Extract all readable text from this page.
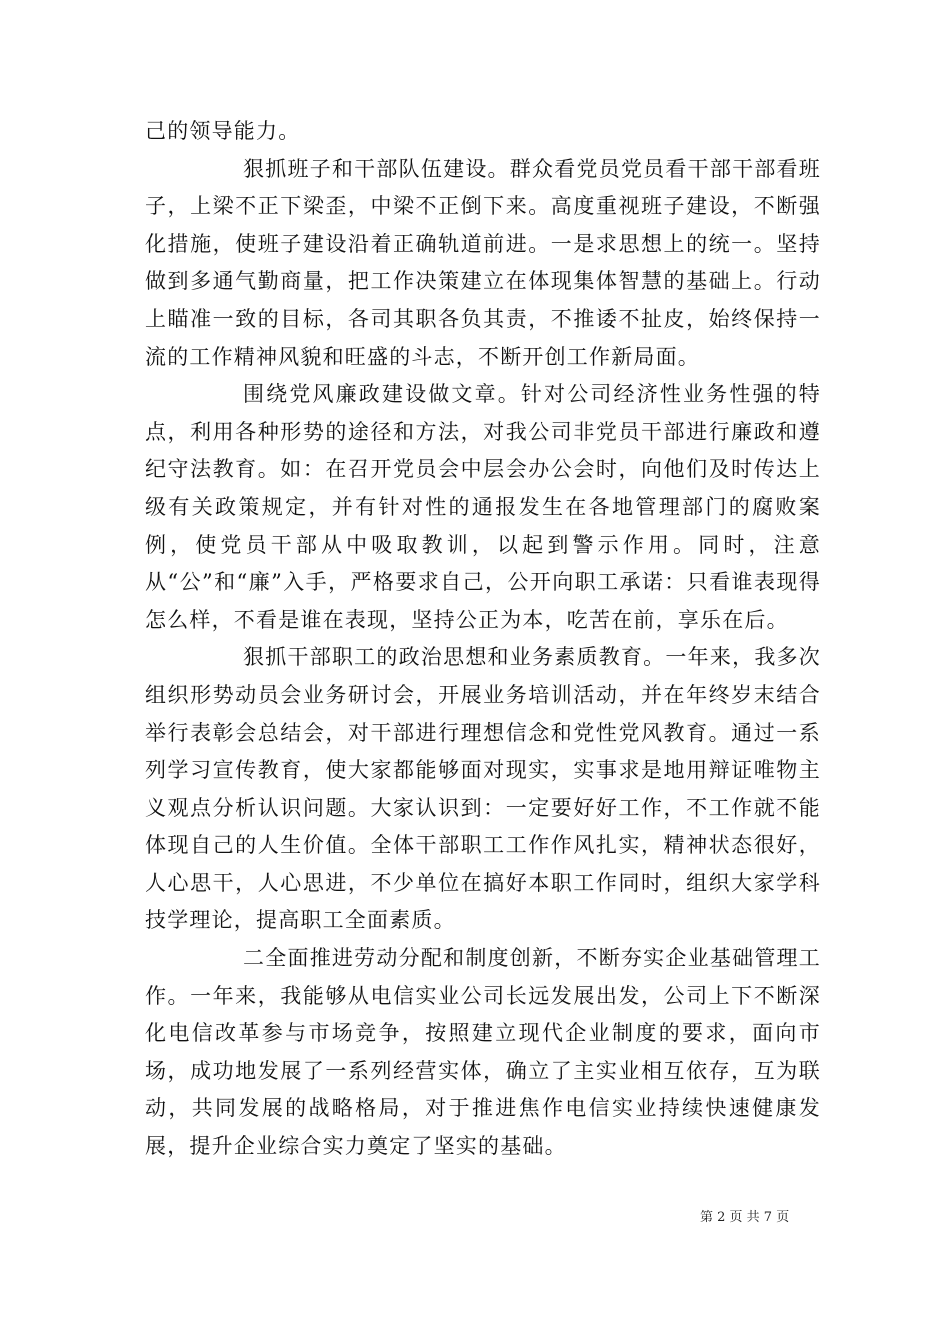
己的领导能力。

狠抓班子和干部队伍建设。群众看党员党员看干部干部看班子，上梁不正下梁歪，中梁不正倒下来。高度重视班子建设，不断强化措施，使班子建设沿着正确轨道前进。一是求思想上的统一。坚持做到多通气勤商量，把工作决策建立在体现集体智慧的基础上。行动上瞄准一致的目标，各司其职各负其责，不推诿不扯皮，始终保持一流的工作精神风貌和旺盛的斗志，不断开创工作新局面。

围绕党风廉政建设做文章。针对公司经济性业务性强的特点，利用各种形势的途径和方法，对我公司非党员干部进行廉政和遵纪守法教育。如：在召开党员会中层会办公会时，向他们及时传达上级有关政策规定，并有针对性的通报发生在各地管理部门的腐败案例，使党员干部从中吸取教训，以起到警示作用。同时，注意从“公”和“廉”入手，严格要求自己，公开向职工承诺：只看谁表现得怎么样，不看是谁在表现，坚持公正为本，吃苦在前，享乐在后。

狠抓干部职工的政治思想和业务素质教育。一年来，我多次组织形势动员会业务研讨会，开展业务培训活动，并在年终岁末结合举行表彰会总结会，对干部进行理想信念和党性党风教育。通过一系列学习宣传教育，使大家都能够面对现实，实事求是地用辩证唯物主义观点分析认识问题。大家认识到：一定要好好工作，不工作就不能体现自己的人生价值。全体干部职工工作作风扎实，精神状态很好，人心思干，人心思进，不少单位在搞好本职工作同时，组织大家学科技学理论，提高职工全面素质。

二全面推进劳动分配和制度创新，不断夯实企业基础管理工作。一年来，我能够从电信实业公司长远发展出发，公司上下不断深化电信改革参与市场竞争，按照建立现代企业制度的要求，面向市场，成功地发展了一系列经营实体，确立了主实业相互依存，互为联动，共同发展的战略格局，对于推进焦作电信实业持续快速健康发展，提升企业综合实力奠定了坚实的基础。

第 2 页 共 7 页
